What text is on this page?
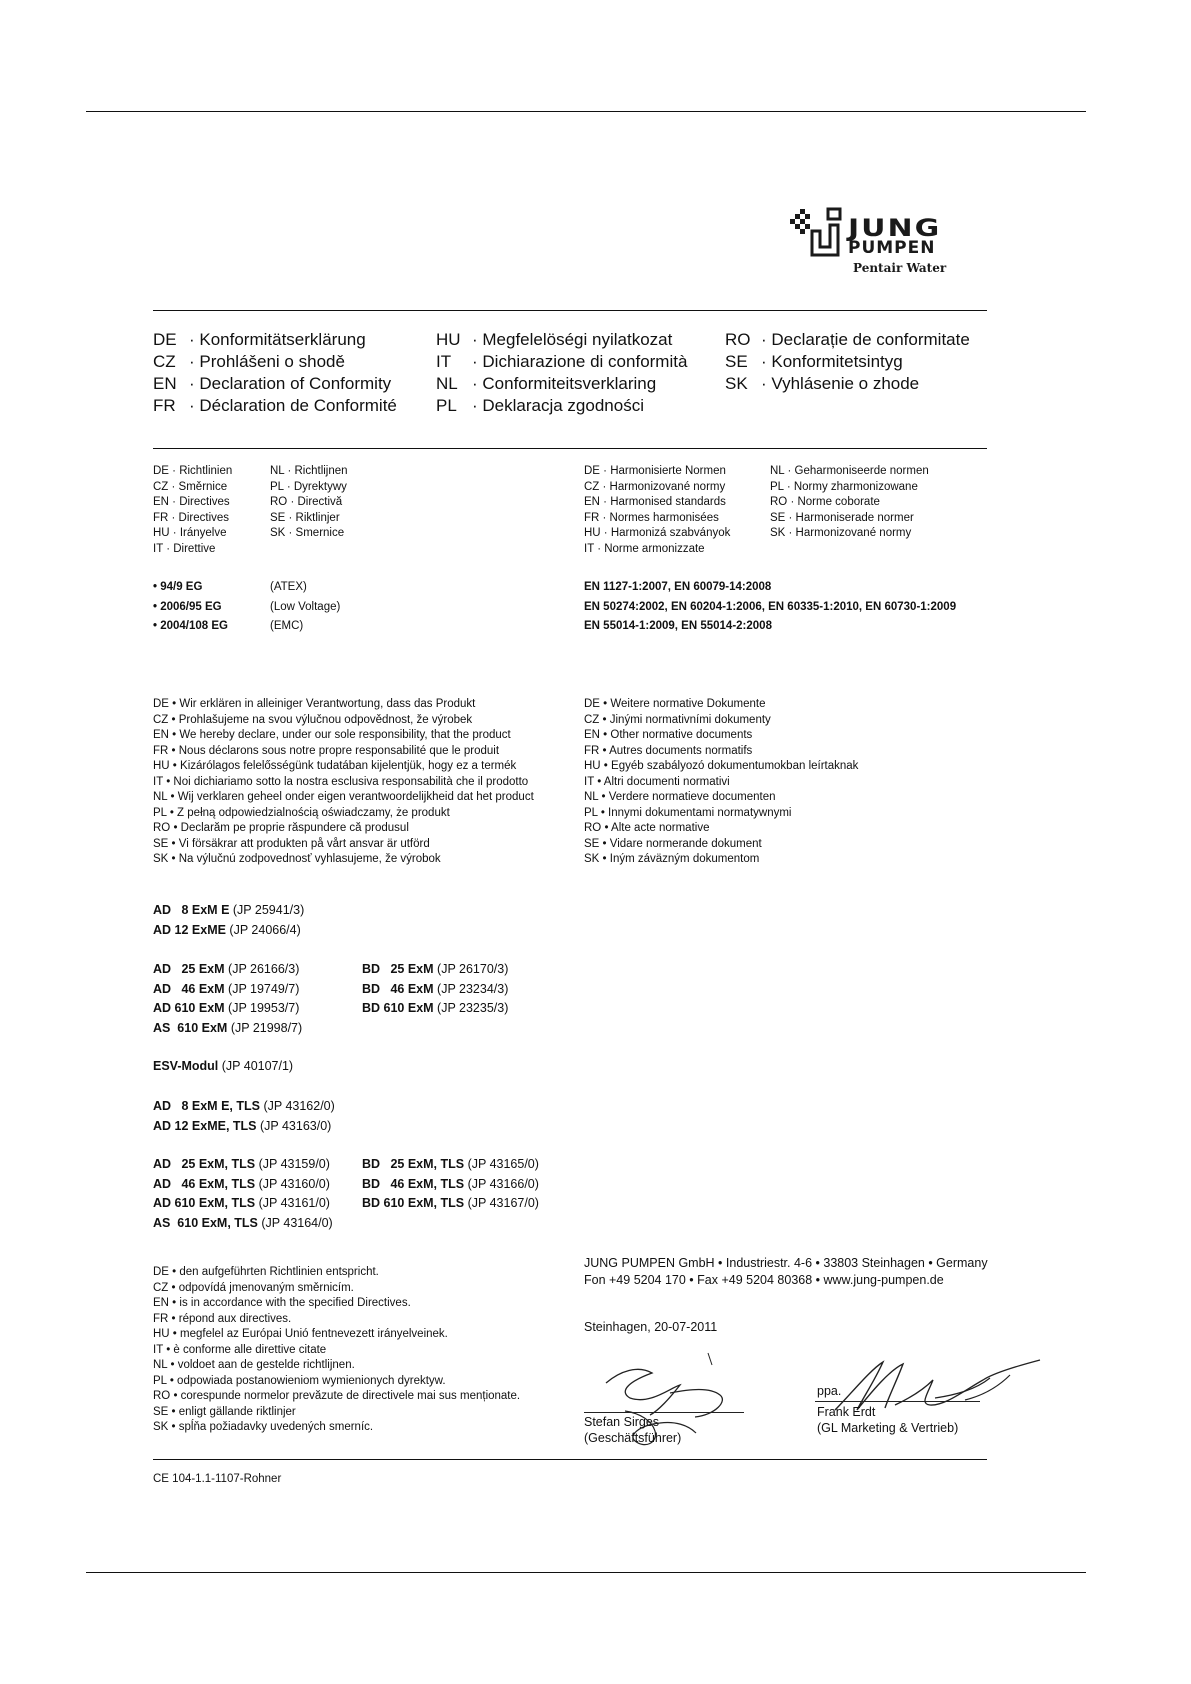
JUNG
PUMPEN
Pentair Water
DE · Konformitätserklärung
CZ · Prohlášeni o shodě
EN · Declaration of Conformity
FR · Déclaration de Conformité
HU · Megfelelöségi nyilatkozat
IT · Dichiarazione di conformità
NL · Conformiteitsverklaring
PL · Deklaracja zgodności
RO · Declarație de conformitate
SE · Konformitetsintyg
SK · Vyhlásenie o zhode
DE · Richtlinien
CZ · Směrnice
EN · Directives
FR · Directives
HU · Irányelve
IT · Direttive
NL · Richtlijnen
PL · Dyrektywy
RO · Directivă
SE · Riktlinjer
SK · Smernice
DE · Harmonisierte Normen
CZ · Harmonizované normy
EN · Harmonised standards
FR · Normes harmonisées
HU · Harmonizá szabványok
IT · Norme armonizzate
NL · Geharmoniseerde normen
PL · Normy zharmonizowane
RO · Norme coborate
SE · Harmoniserade normer
SK · Harmonizované normy
• 94/9 EG
• 2006/95 EG
• 2004/108 EG
(ATEX)
(Low Voltage)
(EMC)
EN 1127-1:2007, EN 60079-14:2008
EN 50274:2002, EN 60204-1:2006, EN 60335-1:2010, EN 60730-1:2009
EN 55014-1:2009, EN 55014-2:2008
DE • Wir erklären in alleiniger Verantwortung, dass das Produkt
CZ • Prohlašujeme na svou výlučnou odpovědnost, že výrobek
EN • We hereby declare, under our sole responsibility, that the product
FR • Nous déclarons sous notre propre responsabilité que le produit
HU • Kizárólagos felelősségünk tudatában kijelentjük, hogy ez a termék
IT • Noi dichiariamo sotto la nostra esclusiva responsabilità che il prodotto
NL • Wij verklaren geheel onder eigen verantwoordelijkheid dat het product
PL • Z pełną odpowiedzialnością oświadczamy, że produkt
RO • Declarăm pe proprie răspundere că produsul
SE • Vi försäkrar att produkten på vårt ansvar är utförd
SK • Na výlučnú zodpovednosť vyhlasujeme, že výrobok
DE • Weitere normative Dokumente
CZ • Jinými normativními dokumenty
EN • Other normative documents
FR • Autres documents normatifs
HU • Egyéb szabályozó dokumentumokban leírtaknak
IT • Altri documenti normativi
NL • Verdere normatieve documenten
PL • Innymi dokumentami normatywnymi
RO • Alte acte normative
SE • Vidare normerande dokument
SK • Iným záväzným dokumentom
AD   8 ExM E (JP 25941/3)
AD 12 ExME (JP 24066/4)
AD   25 ExM (JP 26166/3)
AD   46 ExM (JP 19749/7)
AD 610 ExM (JP 19953/7)
AS  610 ExM (JP 21998/7)
BD   25 ExM (JP 26170/3)
BD   46 ExM (JP 23234/3)
BD 610 ExM (JP 23235/3)
ESV-Modul (JP 40107/1)
AD   8 ExM E, TLS (JP 43162/0)
AD 12 ExME, TLS (JP 43163/0)
AD   25 ExM, TLS (JP 43159/0)
AD   46 ExM, TLS (JP 43160/0)
AD 610 ExM, TLS (JP 43161/0)
AS  610 ExM, TLS (JP 43164/0)
BD   25 ExM, TLS (JP 43165/0)
BD   46 ExM, TLS (JP 43166/0)
BD 610 ExM, TLS (JP 43167/0)
DE • den aufgeführten Richtlinien entspricht.
CZ • odpovídá jmenovaným směrnicím.
EN • is in accordance with the specified Directives.
FR • répond aux directives.
HU • megfelel az Európai Unió fentnevezett irányelveinek.
IT • è conforme alle direttive citate
NL • voldoet aan de gestelde richtlijnen.
PL • odpowiada postanowieniom wymienionych dyrektyw.
RO • corespunde normelor prevăzute de directivele mai sus menționate.
SE • enligt gällande riktlinjer
SK • spĺňa požiadavky uvedených smerníc.
JUNG PUMPEN GmbH • Industriestr. 4-6 • 33803 Steinhagen • Germany
Fon +49 5204 170 • Fax +49 5204 80368 • www.jung-pumpen.de
Steinhagen, 20-07-2011
Stefan Sirges
(Geschäftsführer)
ppa.
Frank Erdt
(GL Marketing & Vertrieb)
CE 104-1.1-1107-Rohner
